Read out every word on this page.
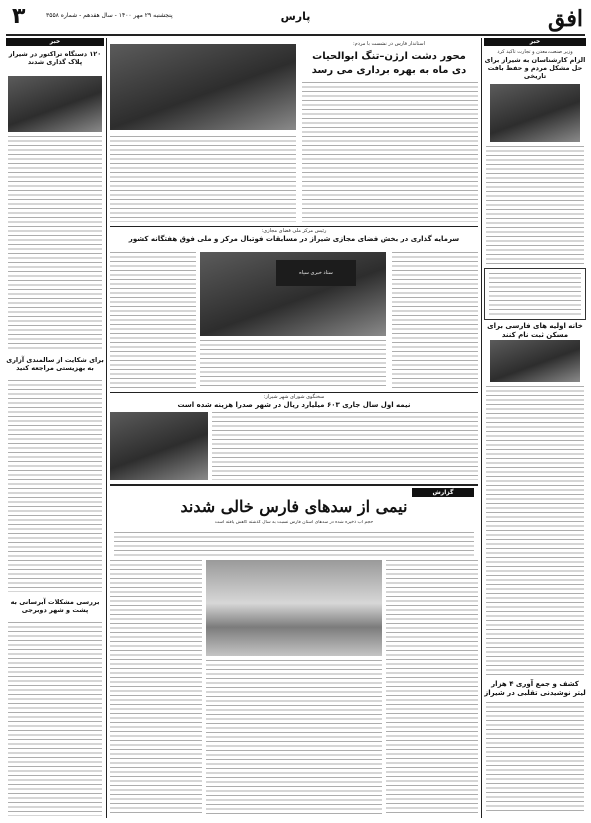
افق
پارس
۳	پنجشنبه ۲۹ مهر ۱۴۰۰ - سال هفدهم - شماره ۳۵۵۸
خبر
وزیر صنعت،معدن و تجارت تاکید کرد
الزام کارشناسان به شیراز برای حل مشکل مردم و حفظ بافت تاریخی
خانه اولیه های فارسی برای مسکن ثبت نام کنند
کشف و جمع آوری ۴ هزار لیتر نوشیدنی تقلبی در شیراز
استاندار فارس در نشست با مردم:
محور دشت ارژن–تنگ ابوالحیات
دی ماه به بهره برداری می رسد
رئیس مرکز ملی فضای مجازی:
سرمایه گذاری در بخش فضای مجازی شیراز در مسابقات فوتبال مرکز و ملی فوق هفتگانه کشور
ستاد خبری سپاه
سخنگوی شورای شهر شیراز:
نیمه اول سال جاری ۶۰۳ میلیارد ریال در شهر صدرا هزینه شده است
گزارش
نیمی از سدهای فارس خالی شدند
حجم آب ذخیره شده در سدهای استان فارس نسبت به سال گذشته کاهش یافته است
خبر
۱۲۰ دستگاه تراکتور در شیراز پلاک گذاری شدند
برای شکایت از سالمندی آزاری به بهزیستی مراجعه کنید
بررسی مشکلات آبرسانی به پشت و شهر دوبرجی
